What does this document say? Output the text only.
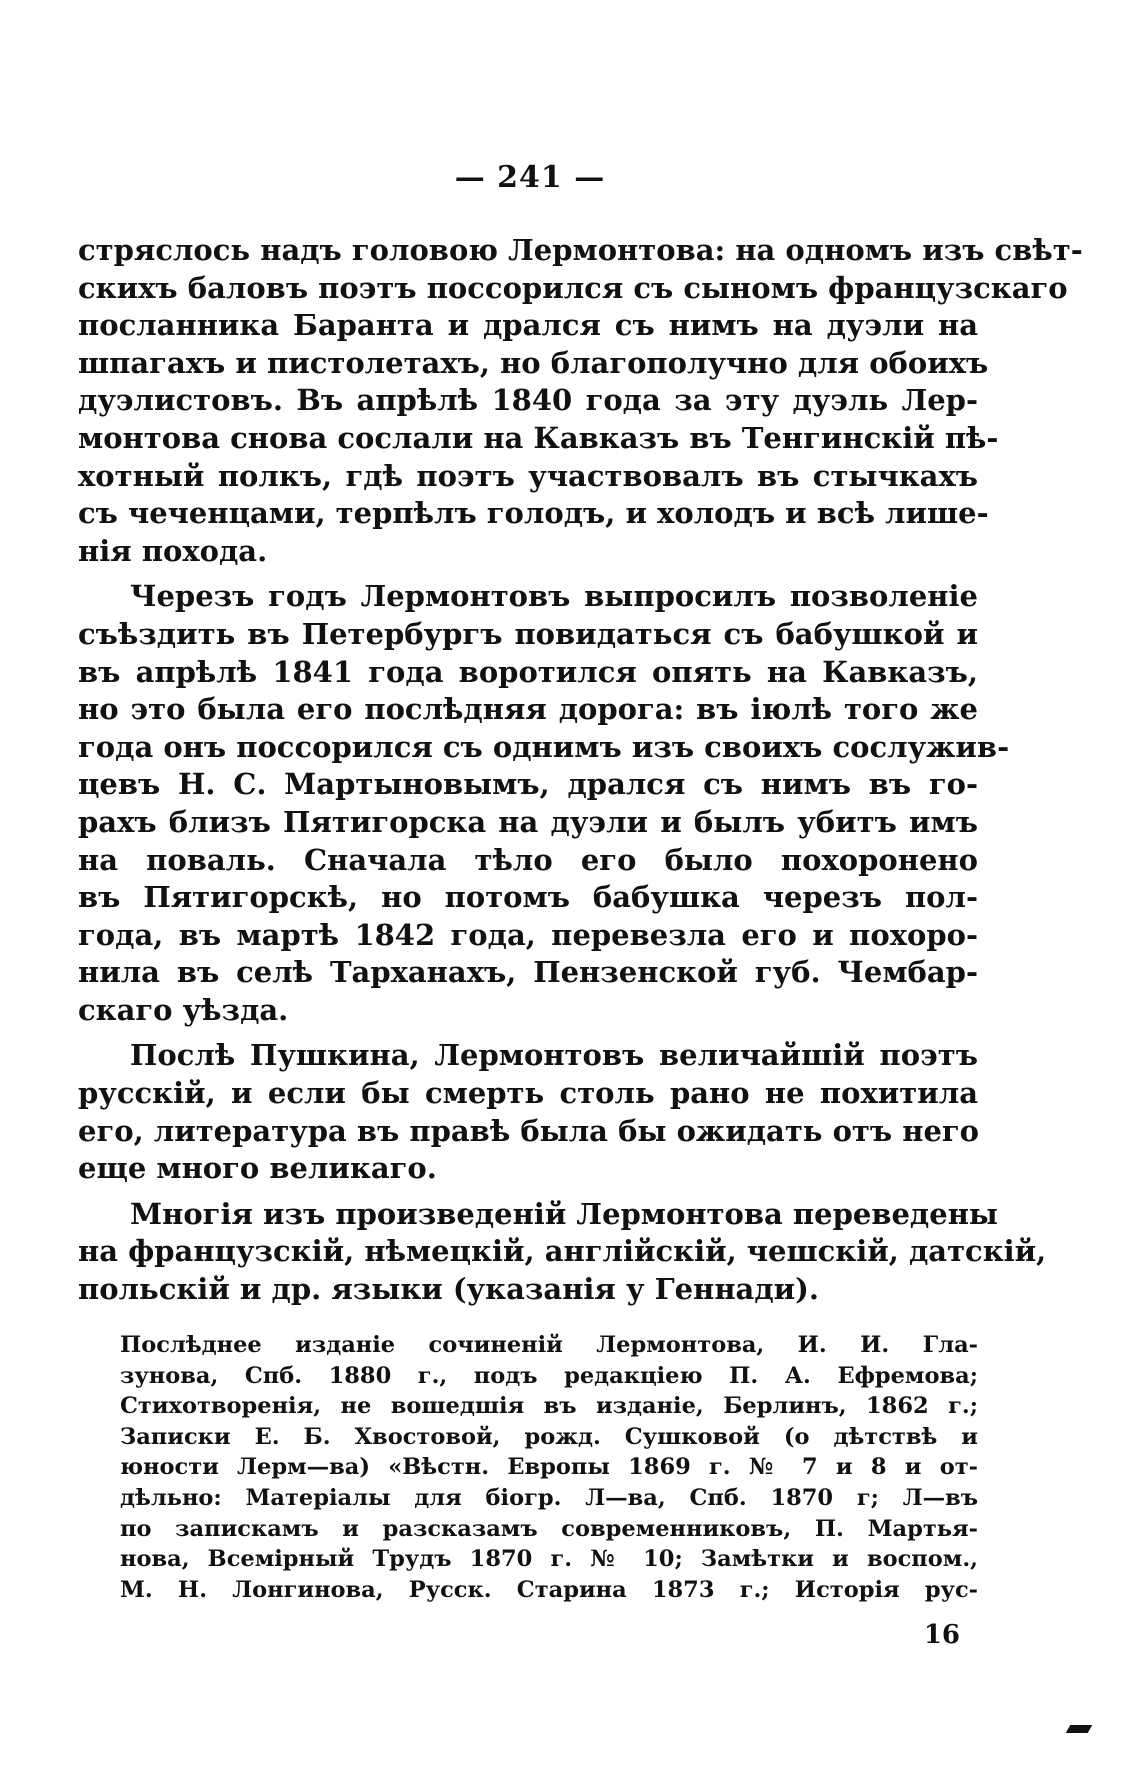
— 241 —
стряслось надъ головою Лермонтова: на одномъ изъ свѣт-
скихъ баловъ поэтъ поссорился съ сыномъ французскаго
посланника Баранта и дрался съ нимъ на дуэли на
шпагахъ и пистолетахъ, но благополучно для обоихъ
дуэлистовъ. Въ апрѣлѣ 1840 года за эту дуэль Лер-
монтова снова сослали на Кавказъ въ Тенгинскій пѣ-
хотный полкъ, гдѣ поэтъ участвовалъ въ стычкахъ
съ чеченцами, терпѣлъ голодъ, и холодъ и всѣ лише-
нія похода.
Черезъ годъ Лермонтовъ выпросилъ позволеніе
съѣздить въ Петербургъ повидаться съ бабушкой и
въ апрѣлѣ 1841 года воротился опять на Кавказъ,
но это была его послѣдняя дорога: въ іюлѣ того же
года онъ поссорился съ однимъ изъ своихъ сослужив-
цевъ Н. С. Мартыновымъ, дрался съ нимъ въ го-
рахъ близъ Пятигорска на дуэли и былъ убитъ имъ
на поваль. Сначала тѣло его было похоронено
въ Пятигорскѣ, но потомъ бабушка черезъ пол-
года, въ мартѣ 1842 года, перевезла его и похоро-
нила въ селѣ Тарханахъ, Пензенской губ. Чембар-
скаго уѣзда.
Послѣ Пушкина, Лермонтовъ величайшій поэтъ
русскій, и если бы смерть столь рано не похитила
его, литература въ правѣ была бы ожидать отъ него
еще много великаго.
Многія изъ произведеній Лермонтова переведены
на французскій, нѣмецкій, англійскій, чешскій, датскій,
польскій и др. языки (указанія у Геннади).
Послѣднее изданіе сочиненій Лермонтова, И. И. Гла-
зунова, Спб. 1880 г., подъ редакціею П. А. Ефремова;
Стихотворенія, не вошедшія въ изданіе, Берлинъ, 1862 г.;
Записки Е. Б. Хвостовой, рожд. Сушковой (о дѣтствѣ и
юности Лерм—ва) «Вѣстн. Европы 1869 г. № 7 и 8 и от-
дѣльно: Матеріалы для біогр. Л—ва, Спб. 1870 г; Л—въ
по запискамъ и разсказамъ современниковъ, П. Мартья-
нова, Всемірный Трудъ 1870 г. № 10; Замѣтки и воспом.,
М. Н. Лонгинова, Русск. Старина 1873 г.; Исторія рус-
16
